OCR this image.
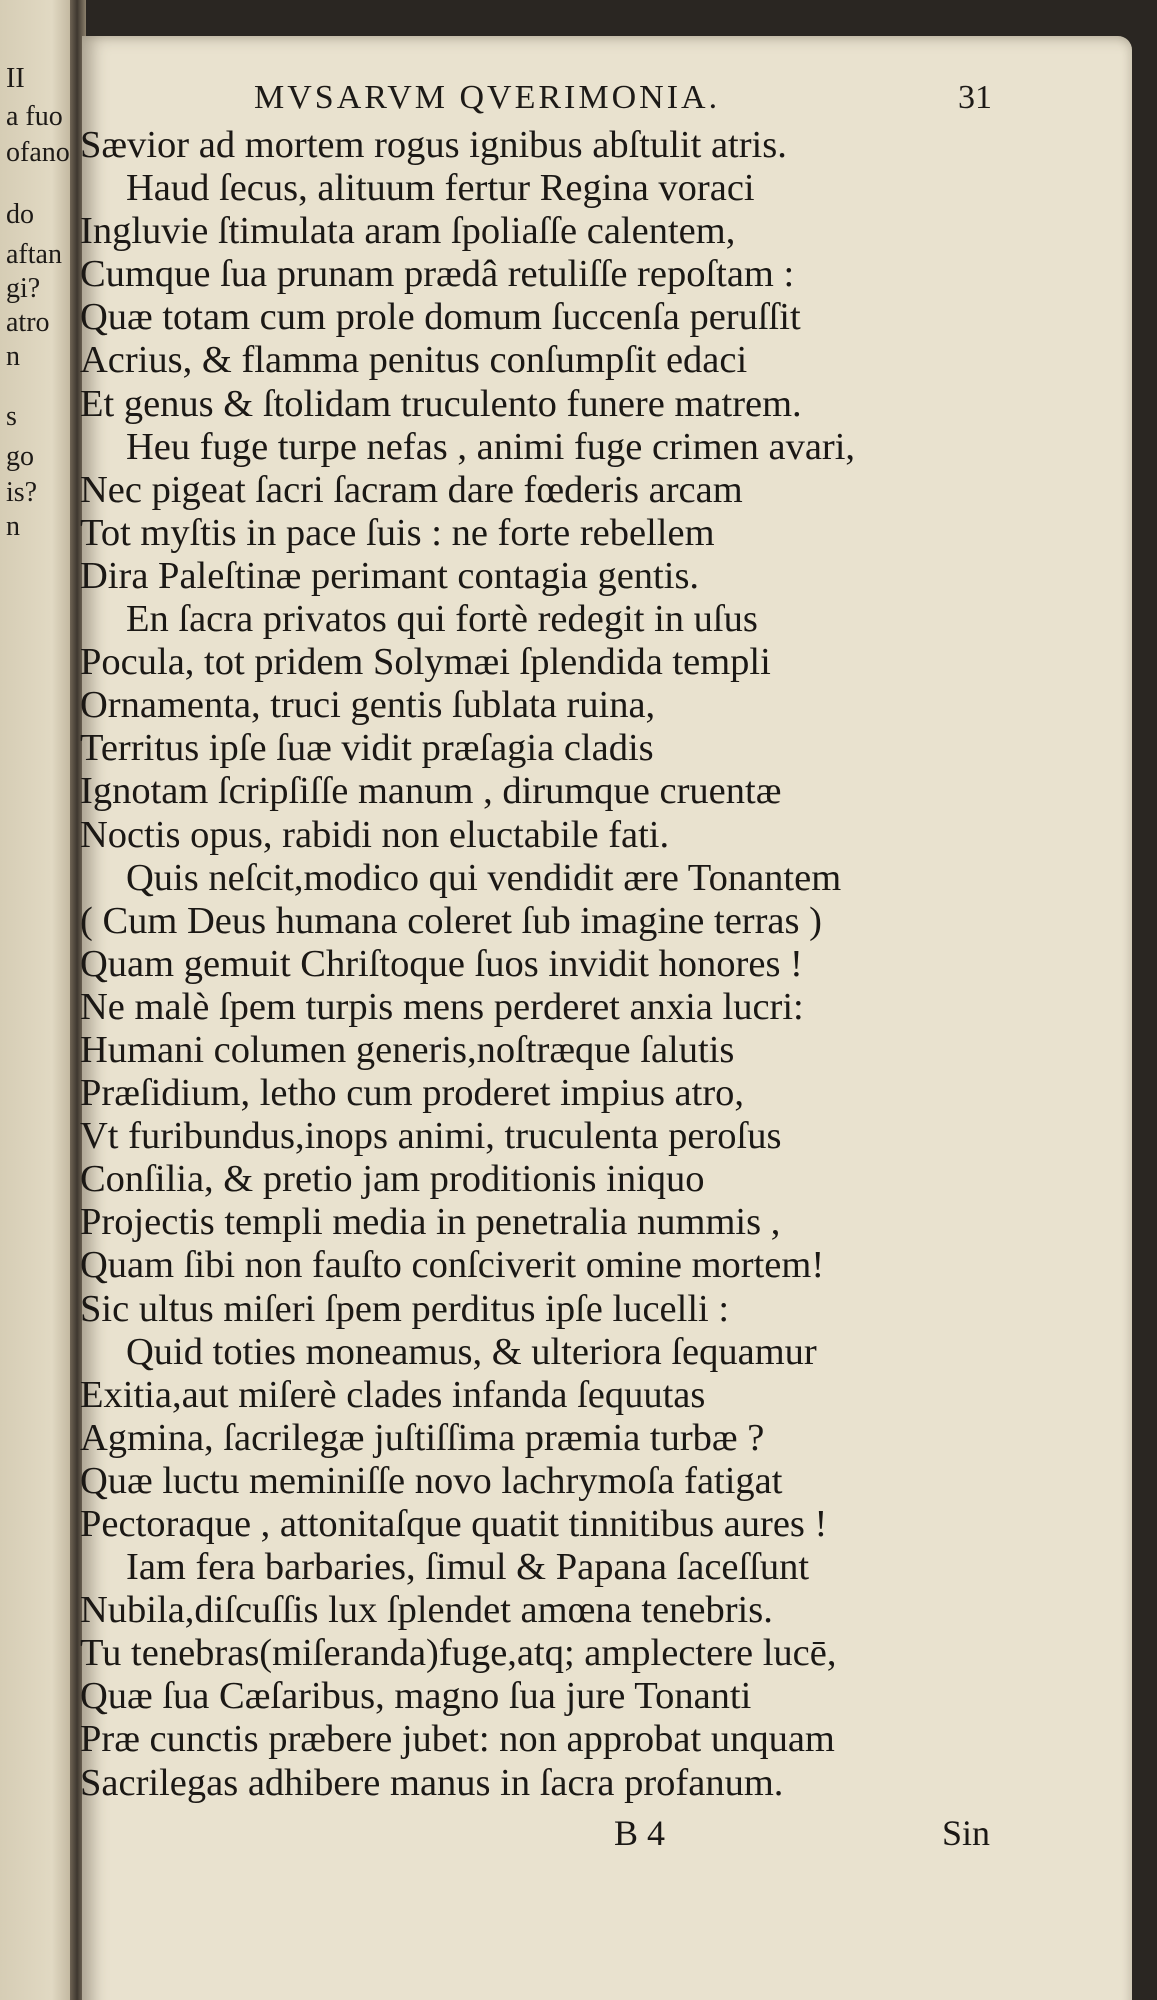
II
a fuo
ofano
do
aftan
gi?
atro
n
s
go
is?
n
MVSARVM QVERIMONIA.	31
Sævior ad mortem rogus ignibus abſtulit atris.
Haud ſecus, alituum fertur Regina voraci
Ingluvie ſtimulata aram ſpoliaſſe calentem,
Cumque ſua prunam prædâ retuliſſe repoſtam :
Quæ totam cum prole domum ſuccenſa peruſſit
Acrius, & flamma penitus conſumpſit edaci
Et genus & ſtolidam truculento funere matrem.
Heu fuge turpe nefas , animi fuge crimen avari,
Nec pigeat ſacri ſacram dare fœderis arcam
Tot myſtis in pace ſuis : ne forte rebellem
Dira Paleſtinæ perimant contagia gentis.
En ſacra privatos qui fortè redegit in uſus
Pocula, tot pridem Solymæi ſplendida templi
Ornamenta, truci gentis ſublata ruina,
Territus ipſe ſuæ vidit præſagia cladis
Ignotam ſcripſiſſe manum , dirumque cruentæ
Noctis opus, rabidi non eluctabile fati.
Quis neſcit,modico qui vendidit ære Tonantem
( Cum Deus humana coleret ſub imagine terras )
Quam gemuit Chriſtoque ſuos invidit honores !
Ne malè ſpem turpis mens perderet anxia lucri:
Humani columen generis,noſtræque ſalutis
Præſidium, letho cum proderet impius atro,
Vt furibundus,inops animi, truculenta peroſus
Conſilia, & pretio jam proditionis iniquo
Projectis templi media in penetralia nummis ,
Quam ſibi non fauſto conſciverit omine mortem!
Sic ultus miſeri ſpem perditus ipſe lucelli :
Quid toties moneamus, & ulteriora ſequamur
Exitia,aut miſerè clades infanda ſequutas
Agmina, ſacrilegæ juſtiſſima præmia turbæ ?
Quæ luctu meminiſſe novo lachrymoſa fatigat
Pectoraque , attonitaſque quatit tinnitibus aures !
Iam fera barbaries, ſimul & Papana ſaceſſunt
Nubila,diſcuſſis lux ſplendet amœna tenebris.
Tu tenebras(miſeranda)fuge,atq; amplectere lucē,
Quæ ſua Cæſaribus, magno ſua jure Tonanti
Præ cunctis præbere jubet: non approbat unquam
Sacrilegas adhibere manus in ſacra profanum.
B 4	Sin
